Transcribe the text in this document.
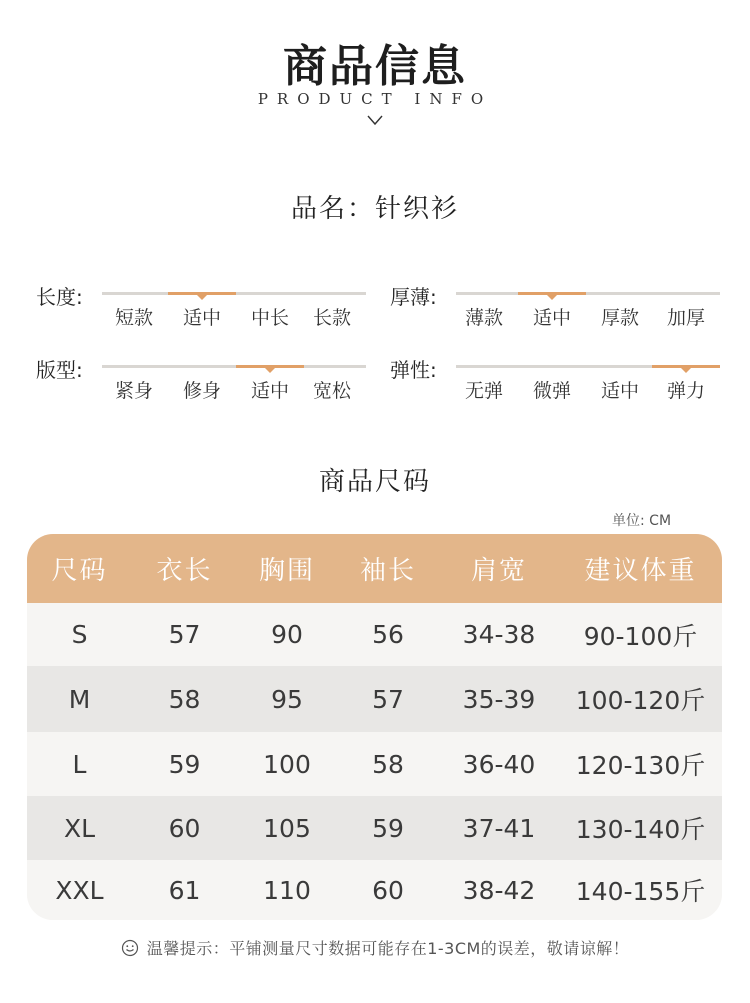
商品信息
PRODUCT INFO
品名：针织衫
长度:
短款	适中	中长	长款
厚薄:
薄款	适中	厚款	加厚
版型:
紧身	修身	适中	宽松
弹性:
无弹	微弹	适中	弹力
商品尺码
单位: CM
尺码	衣长	胸围	袖长	肩宽	建议体重
S	57	90	56	34-38	90-100斤
M	58	95	57	35-39	100-120斤
L	59	100	58	36-40	120-130斤
XL	60	105	59	37-41	130-140斤
XXL	61	110	60	38-42	140-155斤
温馨提示：平铺测量尺寸数据可能存在1-3CM的误差，敬请谅解！
